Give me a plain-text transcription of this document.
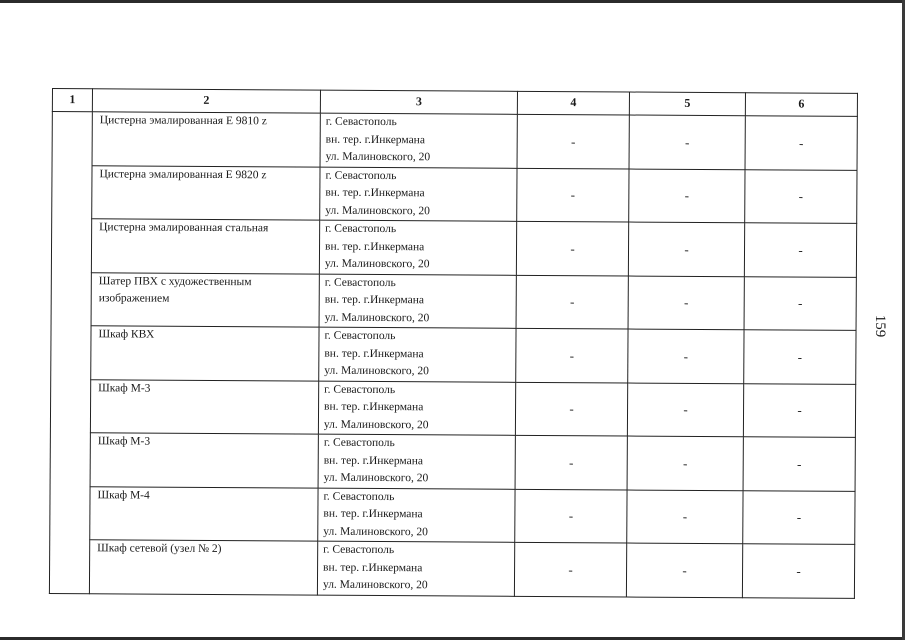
1	2	3	4	5	6

	Цистерна эмалированная Е 9810 z	г. Севастополь
вн. тер. г.Инкермана
ул. Малиновского, 20	-	-	-

	Цистерна эмалированная Е 9820 z	г. Севастополь
вн. тер. г.Инкермана
ул. Малиновского, 20	-	-	-

	Цистерна эмалированная стальная	г. Севастополь
вн. тер. г.Инкермана
ул. Малиновского, 20	-	-	-

	Шатер ПВХ с художественным
изображением	г. Севастополь
вн. тер. г.Инкермана
ул. Малиновского, 20	-	-	-

	Шкаф КВХ	г. Севастополь
вн. тер. г.Инкермана
ул. Малиновского, 20	-	-	-

	Шкаф М-3	г. Севастополь
вн. тер. г.Инкермана
ул. Малиновского, 20	-	-	-

	Шкаф М-3	г. Севастополь
вн. тер. г.Инкермана
ул. Малиновского, 20	-	-	-

	Шкаф М-4	г. Севастополь
вн. тер. г.Инкермана
ул. Малиновского, 20	-	-	-

	Шкаф сетевой (узел № 2)	г. Севастополь
вн. тер. г.Инкермана
ул. Малиновского, 20	-	-	-
159
